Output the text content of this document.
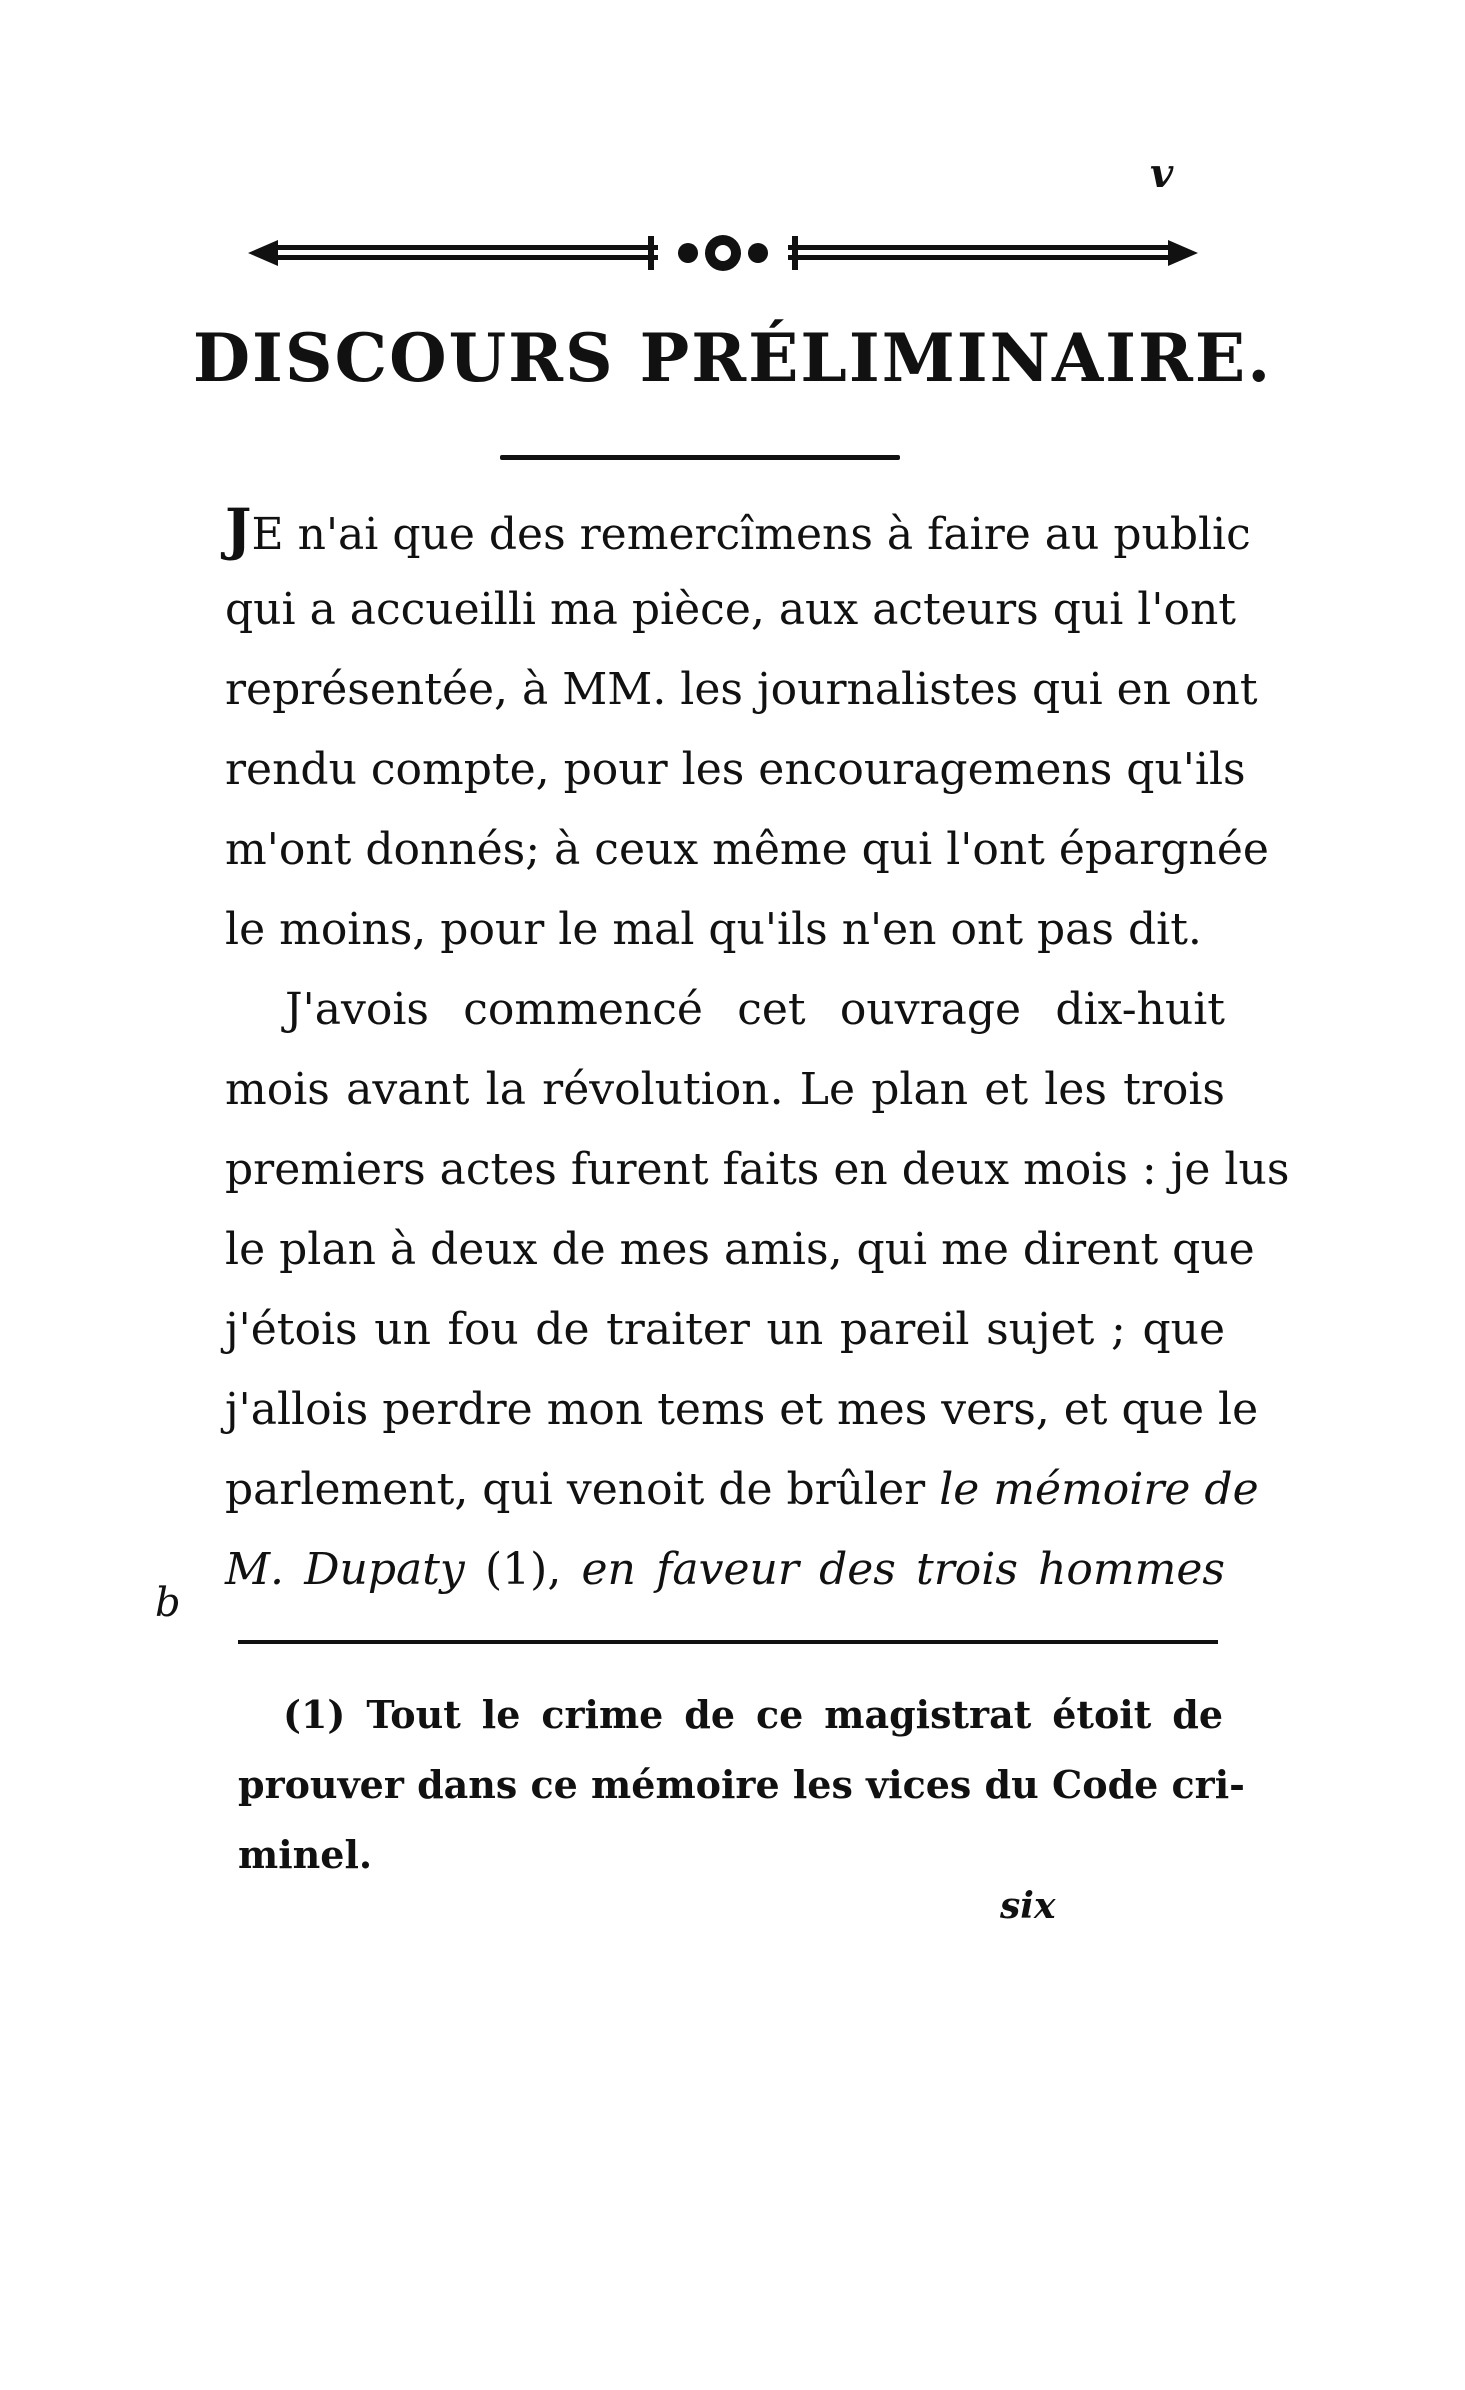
v

DISCOURS PRÉLIMINAIRE.
JE n'ai que des remercîmens à faire au public
qui a accueilli ma pièce, aux acteurs qui l'ont
représentée, à MM. les journalistes qui en ont
rendu compte, pour les encouragemens qu'ils
m'ont donnés; à ceux même qui l'ont épargnée
le moins, pour le mal qu'ils n'en ont pas dit.
J'avois commencé cet ouvrage dix-huit
mois avant la révolution. Le plan et les trois
premiers actes furent faits en deux mois : je lus
le plan à deux de mes amis, qui me dirent que
j'étois un fou de traiter un pareil sujet ; que
j'allois perdre mon tems et mes vers, et que le
parlement, qui venoit de brûler le mémoire de
M. Dupaty (1), en faveur des trois hommes

b

(1) Tout le crime de ce magistrat étoit de
prouver dans ce mémoire les vices du Code cri-
minel.

six
